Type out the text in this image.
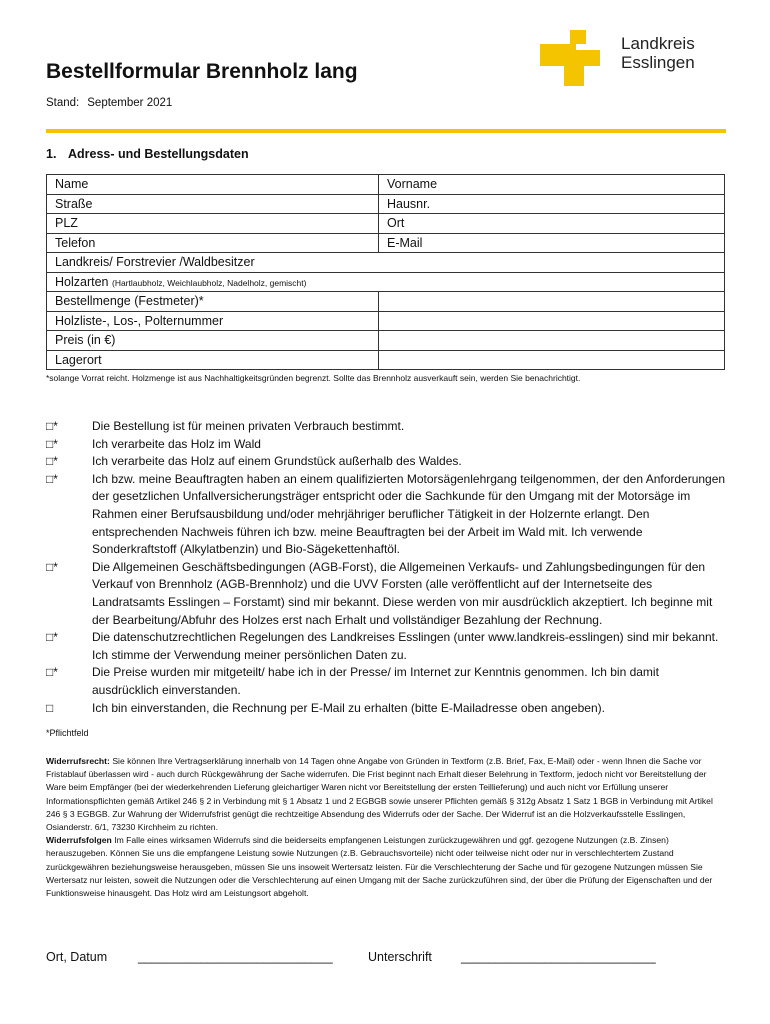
Landkreis
Esslingen
Bestellformular Brennholz lang
Stand: September 2021
1. Adress- und Bestellungsdaten
Name	Vorname
Straße	Hausnr.
PLZ	Ort
Telefon	E-Mail
Landkreis/ Forstrevier /Waldbesitzer	
Holzarten (Hartlaubholz, Weichlaubholz, Nadelholz, gemischt)	
Bestellmenge (Festmeter)*	
Holzliste-, Los-, Polternummer	
Preis (in €)	
Lagerort	
*solange Vorrat reicht. Holzmenge ist aus Nachhaltigkeitsgründen begrenzt. Sollte das Brennholz ausverkauft sein, werden Sie benachrichtigt.
□*	Die Bestellung ist für meinen privaten Verbrauch bestimmt.
□*	Ich verarbeite das Holz im Wald
□*	Ich verarbeite das Holz auf einem Grundstück außerhalb des Waldes.
□*	Ich bzw. meine Beauftragten haben an einem qualifizierten Motorsägenlehrgang teilgenommen, der den Anforderungen der gesetzlichen Unfallversicherungsträger entspricht oder die Sachkunde für den Umgang mit der Motorsäge im Rahmen einer Berufsausbildung und/oder mehrjähriger beruflicher Tätigkeit in der Holzernte erlangt. Den entsprechenden Nachweis führen ich bzw. meine Beauftragten bei der Arbeit im Wald mit. Ich verwende Sonderkraftstoff (Alkylatbenzin) und Bio-Sägekettenhaftöl.
□*	Die Allgemeinen Geschäftsbedingungen (AGB-Forst), die Allgemeinen Verkaufs- und Zahlungsbedingungen für den Verkauf von Brennholz (AGB-Brennholz) und die UVV Forsten (alle veröffentlicht auf der Internetseite des Landratsamts Esslingen – Forstamt) sind mir bekannt. Diese werden von mir ausdrücklich akzeptiert. Ich beginne mit der Bearbeitung/Abfuhr des Holzes erst nach Erhalt und vollständiger Bezahlung der Rechnung.
□*	Die datenschutzrechtlichen Regelungen des Landkreises Esslingen (unter www.landkreis-esslingen) sind mir bekannt. Ich stimme der Verwendung meiner persönlichen Daten zu.
□*	Die Preise wurden mir mitgeteilt/ habe ich in der Presse/ im Internet zur Kenntnis genommen. Ich bin damit ausdrücklich einverstanden.
□	Ich bin einverstanden, die Rechnung per E-Mail zu erhalten (bitte E-Mailadresse oben angeben).
*Pflichtfeld
Widerrufsrecht: Sie können Ihre Vertragserklärung innerhalb von 14 Tagen ohne Angabe von Gründen in Textform (z.B. Brief, Fax, E-Mail) oder - wenn Ihnen die Sache vor Fristablauf überlassen wird - auch durch Rückgewährung der Sache widerrufen. Die Frist beginnt nach Erhalt dieser Belehrung in Textform, jedoch nicht vor Bereitstellung der Ware beim Empfänger (bei der wiederkehrenden Lieferung gleichartiger Waren nicht vor Bereitstellung der ersten Teillieferung) und auch nicht vor Erfüllung unserer Informationspflichten gemäß Artikel 246 § 2 in Verbindung mit § 1 Absatz 1 und 2 EGBGB sowie unserer Pflichten gemäß § 312g Absatz 1 Satz 1 BGB in Verbindung mit Artikel 246 § 3 EGBGB. Zur Wahrung der Widerrufsfrist genügt die rechtzeitige Absendung des Widerrufs oder der Sache. Der Widerruf ist an die Holzverkaufsstelle Esslingen, Osianderstr. 6/1, 73230 Kirchheim zu richten.
Widerrufsfolgen Im Falle eines wirksamen Widerrufs sind die beiderseits empfangenen Leistungen zurückzugewähren und ggf. gezogene Nutzungen (z.B. Zinsen) herauszugeben. Können Sie uns die empfangene Leistung sowie Nutzungen (z.B. Gebrauchsvorteile) nicht oder teilweise nicht oder nur in verschlechtertem Zustand zurückgewähren beziehungsweise herausgeben, müssen Sie uns insoweit Wertersatz leisten. Für die Verschlechterung der Sache und für gezogene Nutzungen müssen Sie Wertersatz nur leisten, soweit die Nutzungen oder die Verschlechterung auf einen Umgang mit der Sache zurückzuführen sind, der über die Prüfung der Eigenschaften und der Funktionsweise hinausgeht. Das Holz wird am Leistungsort abgeholt.
Ort, Datum ____________________________	Unterschrift ____________________________
